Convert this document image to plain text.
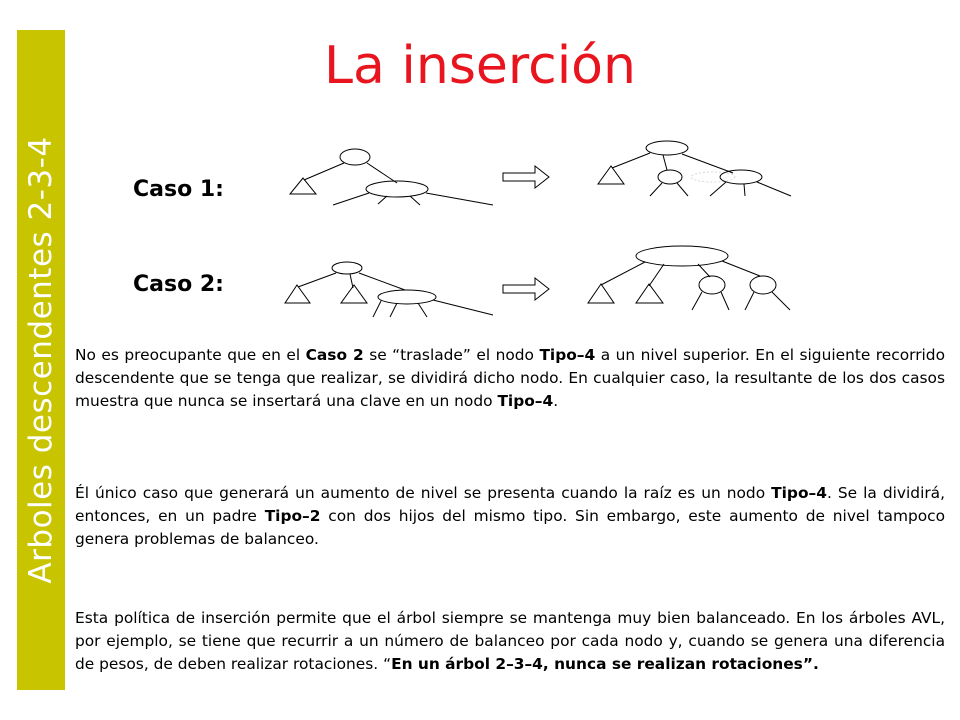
Arboles descendentes 2-3-4
La inserción
Caso 1:
Caso 2:
No es preocupante que en el Caso 2 se “traslade” el nodo Tipo–4 a un nivel superior. En el siguiente recorrido descendente que se tenga que realizar, se dividirá dicho nodo. En cualquier caso, la resultante de los dos casos muestra que nunca se insertará una clave en un nodo Tipo–4.
Él único caso que generará un aumento de nivel se presenta cuando la raíz es un nodo Tipo–4. Se la dividirá, entonces, en un padre Tipo–2 con dos hijos del mismo tipo. Sin embargo, este aumento de nivel tampoco genera problemas de balanceo.
Esta política de inserción permite que el árbol siempre se mantenga muy bien balanceado. En los árboles AVL, por ejemplo, se tiene que recurrir a un número de balanceo por cada nodo y, cuando se genera una diferencia de pesos, de deben realizar rotaciones. “En un árbol 2–3–4, nunca se realizan rotaciones”.
